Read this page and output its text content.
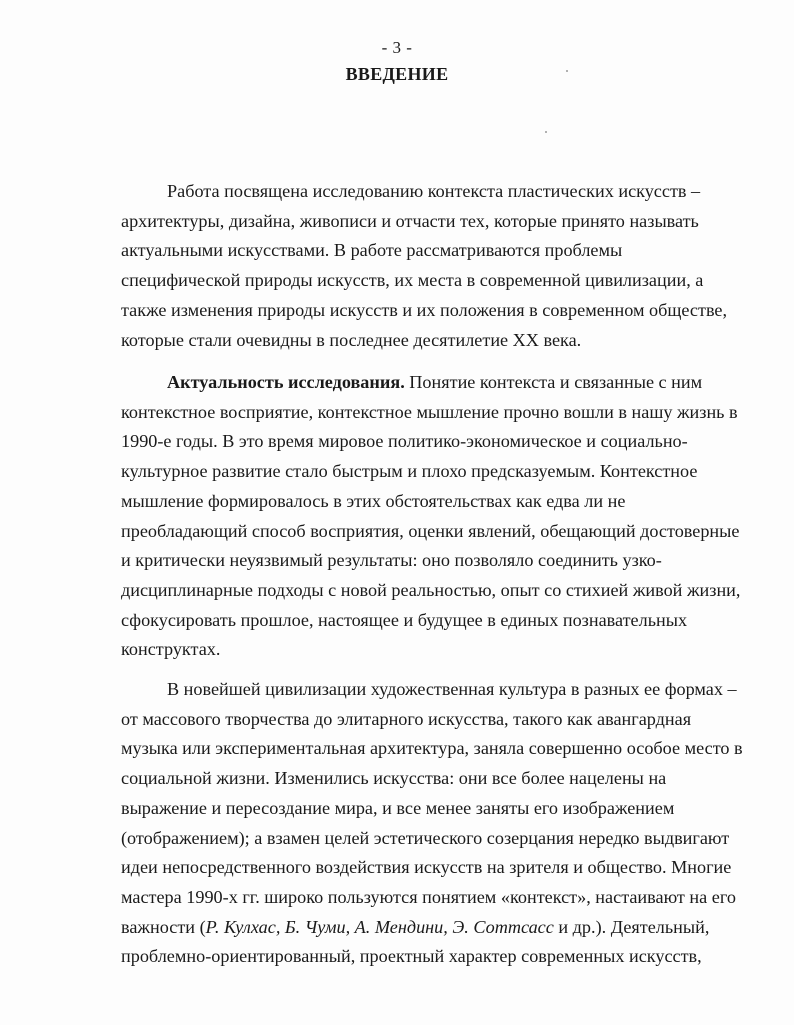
- 3 -
ВВЕДЕНИЕ
Работа посвящена исследованию контекста пластических искусств –
архитектуры, дизайна, живописи и отчасти тех, которые принято называть
актуальными искусствами. В работе рассматриваются проблемы
специфической природы искусств, их места в современной цивилизации, а
также изменения природы искусств и их положения в современном обществе,
которые стали очевидны в последнее десятилетие XX века.
Актуальность исследования. Понятие контекста и связанные с ним
контекстное восприятие, контекстное мышление прочно вошли в нашу жизнь в
1990-е годы. В это время мировое политико-экономическое и социально-
культурное развитие стало быстрым и плохо предсказуемым. Контекстное
мышление формировалось в этих обстоятельствах как едва ли не
преобладающий способ восприятия, оценки явлений, обещающий достоверные
и критически неуязвимый результаты: оно позволяло соединить узко-
дисциплинарные подходы с новой реальностью, опыт со стихией живой жизни,
сфокусировать прошлое, настоящее и будущее в единых познавательных
конструктах.
В новейшей цивилизации художественная культура в разных ее формах –
от массового творчества до элитарного искусства, такого как авангардная
музыка или экспериментальная архитектура, заняла совершенно особое место в
социальной жизни. Изменились искусства: они все более нацелены на
выражение и пересоздание мира, и все менее заняты его изображением
(отображением); а взамен целей эстетического созерцания нередко выдвигают
идеи непосредственного воздействия искусств на зрителя и общество. Многие
мастера 1990-х гг. широко пользуются понятием «контекст», настаивают на его
важности (Р. Кулхас, Б. Чуми, А. Мендини, Э. Соттсасс и др.). Деятельный,
проблемно-ориентированный, проектный характер современных искусств,
